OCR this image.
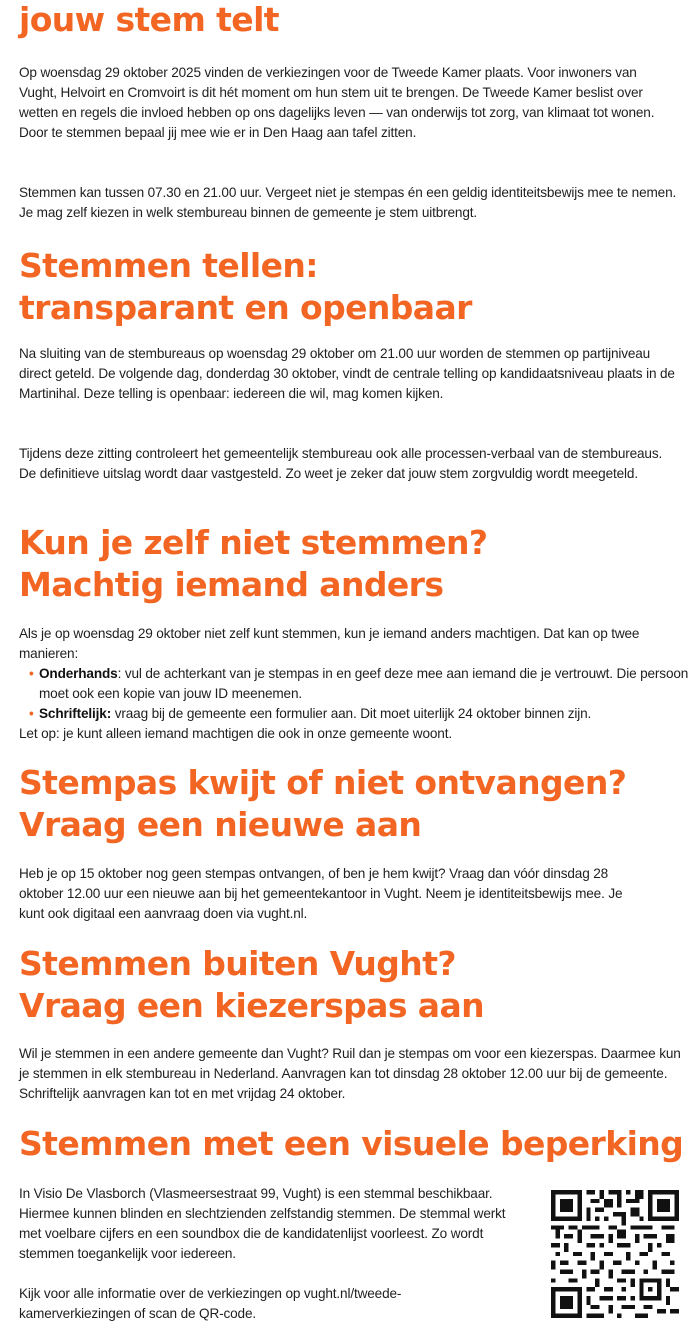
jouw stem telt

Op woensdag 29 oktober 2025 vinden de verkiezingen voor de Tweede Kamer plaats. Voor inwoners van Vught, Helvoirt en Cromvoirt is dit hét moment om hun stem uit te brengen. De Tweede Kamer beslist over wetten en regels die invloed hebben op ons dagelijks leven — van onderwijs tot zorg, van klimaat tot wonen. Door te stemmen bepaal jij mee wie er in Den Haag aan tafel zitten.

Stemmen kan tussen 07.30 en 21.00 uur. Vergeet niet je stempas én een geldig identiteitsbewijs mee te nemen. Je mag zelf kiezen in welk stembureau binnen de gemeente je stem uitbrengt.

Stemmen tellen:
transparant en openbaar

Na sluiting van de stembureaus op woensdag 29 oktober om 21.00 uur worden de stemmen op partijniveau direct geteld. De volgende dag, donderdag 30 oktober, vindt de centrale telling op kandidaatsniveau plaats in de Martinihal. Deze telling is openbaar: iedereen die wil, mag komen kijken.

Tijdens deze zitting controleert het gemeentelijk stembureau ook alle processen-verbaal van de stembureaus. De definitieve uitslag wordt daar vastgesteld. Zo weet je zeker dat jouw stem zorgvuldig wordt meegeteld.

Kun je zelf niet stemmen?
Machtig iemand anders

Als je op woensdag 29 oktober niet zelf kunt stemmen, kun je iemand anders machtigen. Dat kan op twee manieren:

• Onderhands: vul de achterkant van je stempas in en geef deze mee aan iemand die je vertrouwt. Die persoon moet ook een kopie van jouw ID meenemen.
• Schriftelijk: vraag bij de gemeente een formulier aan. Dit moet uiterlijk 24 oktober binnen zijn.

Let op: je kunt alleen iemand machtigen die ook in onze gemeente woont.

Stempas kwijt of niet ontvangen?
Vraag een nieuwe aan

Heb je op 15 oktober nog geen stempas ontvangen, of ben je hem kwijt? Vraag dan vóór dinsdag 28 oktober 12.00 uur een nieuwe aan bij het gemeentekantoor in Vught. Neem je identiteitsbewijs mee. Je kunt ook digitaal een aanvraag doen via vught.nl.

Stemmen buiten Vught?
Vraag een kiezerspas aan

Wil je stemmen in een andere gemeente dan Vught? Ruil dan je stempas om voor een kiezerspas. Daarmee kun je stemmen in elk stembureau in Nederland. Aanvragen kan tot dinsdag 28 oktober 12.00 uur bij de gemeente. Schriftelijk aanvragen kan tot en met vrijdag 24 oktober.

Stemmen met een visuele beperking

In Visio De Vlasborch (Vlasmeersestraat 99, Vught) is een stemmal beschikbaar. Hiermee kunnen blinden en slechtzienden zelfstandig stemmen. De stemmal werkt met voelbare cijfers en een soundbox die de kandidatenlijst voorleest. Zo wordt stemmen toegankelijk voor iedereen.

Kijk voor alle informatie over de verkiezingen op vught.nl/tweede-kamerverkiezingen of scan de QR-code.
